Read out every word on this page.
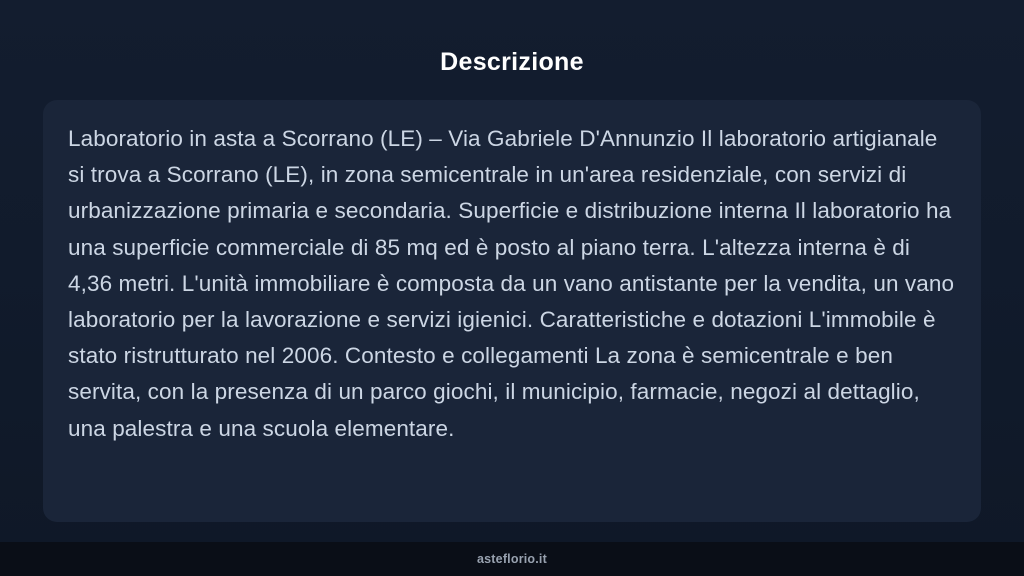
Descrizione

Laboratorio in asta a Scorrano (LE) – Via Gabriele D'Annunzio Il laboratorio artigianale si trova a Scorrano (LE), in zona semicentrale in un'area residenziale, con servizi di urbanizzazione primaria e secondaria. Superficie e distribuzione interna Il laboratorio ha una superficie commerciale di 85 mq ed è posto al piano terra. L'altezza interna è di 4,36 metri. L'unità immobiliare è composta da un vano antistante per la vendita, un vano laboratorio per la lavorazione e servizi igienici. Caratteristiche e dotazioni L'immobile è stato ristrutturato nel 2006. Contesto e collegamenti La zona è semicentrale e ben servita, con la presenza di un parco giochi, il municipio, farmacie, negozi al dettaglio, una palestra e una scuola elementare.

asteflorio.it
